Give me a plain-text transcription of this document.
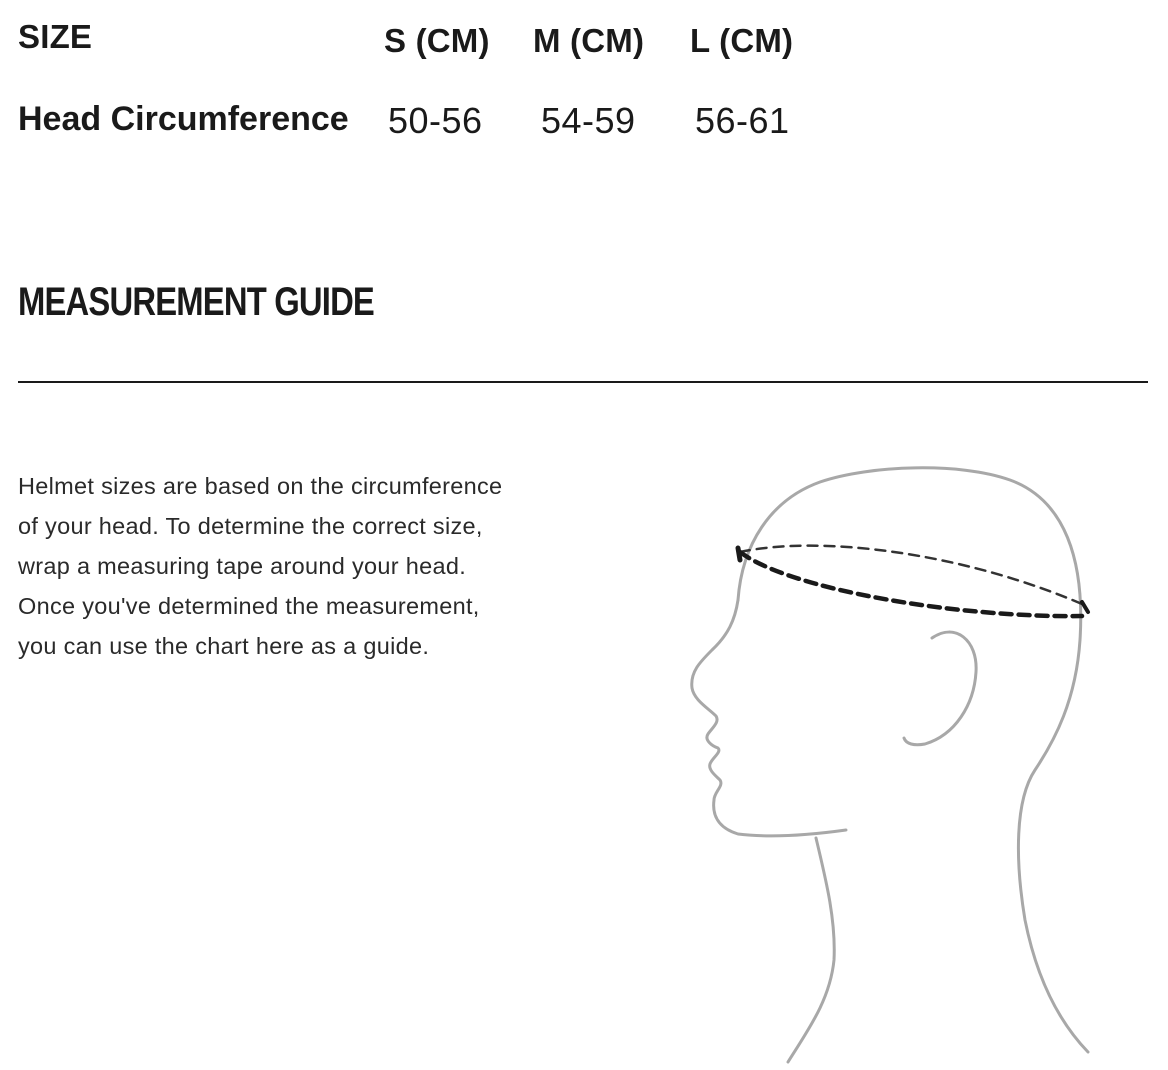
SIZE	S (CM) M (CM) L (CM)
Head Circumference 50-56 54-59 56-61
MEASUREMENT GUIDE
Helmet sizes are based on the circumference
of your head. To determine the correct size,
wrap a measuring tape around your head.
Once you've determined the measurement,
you can use the chart here as a guide.
